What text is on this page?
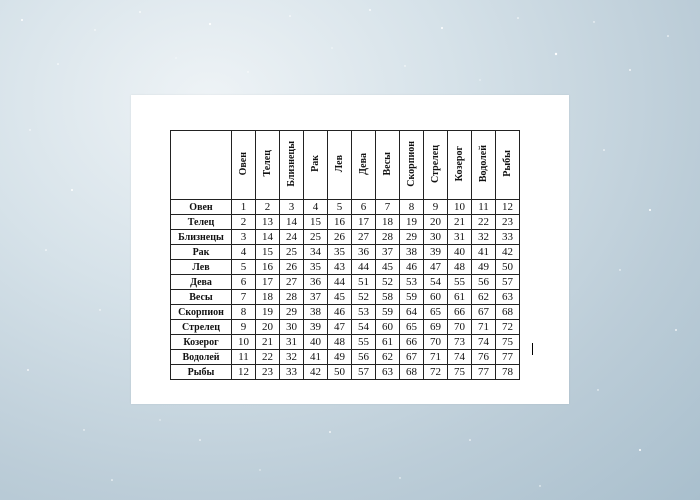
	Овен	Телец	Близнецы	Рак	Лев	Дева	Весы	Скорпион	Стрелец	Козерог	Водолей	Рыбы
Овен	1	2	3	4	5	6	7	8	9	10	11	12
Телец	2	13	14	15	16	17	18	19	20	21	22	23
Близнецы	3	14	24	25	26	27	28	29	30	31	32	33
Рак	4	15	25	34	35	36	37	38	39	40	41	42
Лев	5	16	26	35	43	44	45	46	47	48	49	50
Дева	6	17	27	36	44	51	52	53	54	55	56	57
Весы	7	18	28	37	45	52	58	59	60	61	62	63
Скорпион	8	19	29	38	46	53	59	64	65	66	67	68
Стрелец	9	20	30	39	47	54	60	65	69	70	71	72
Козерог	10	21	31	40	48	55	61	66	70	73	74	75
Водолей	11	22	32	41	49	56	62	67	71	74	76	77
Рыбы	12	23	33	42	50	57	63	68	72	75	77	78
